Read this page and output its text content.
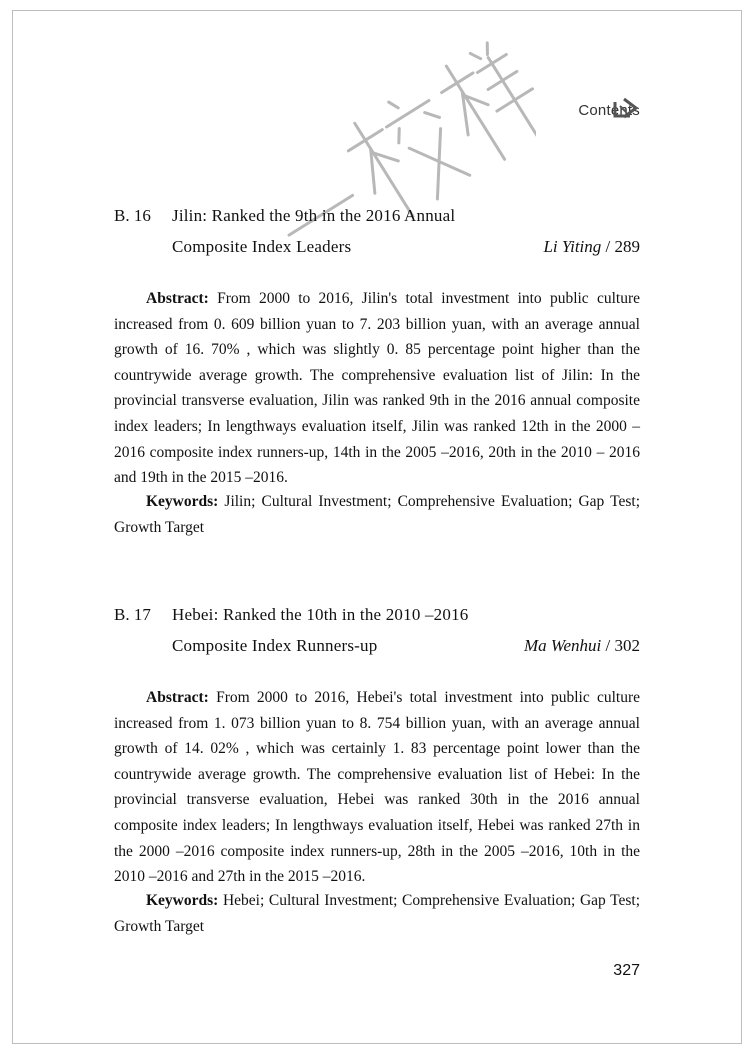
Contents
B. 16 Jilin: Ranked the 9th in the 2016 Annual
Composite Index Leaders	Li Yiting / 289
Abstract: From 2000 to 2016, Jilin's total investment into public culture increased from 0. 609 billion yuan to 7. 203 billion yuan, with an average annual growth of 16. 70% , which was slightly 0. 85 percentage point higher than the countrywide average growth. The comprehensive evaluation list of Jilin: In the provincial transverse evaluation, Jilin was ranked 9th in the 2016 annual composite index leaders; In lengthways evaluation itself, Jilin was ranked 12th in the 2000 – 2016 composite index runners-up, 14th in the 2005 –2016, 20th in the 2010 – 2016 and 19th in the 2015 –2016.
Keywords: Jilin; Cultural Investment; Comprehensive Evaluation; Gap Test; Growth Target
B. 17 Hebei: Ranked the 10th in the 2010 –2016
Composite Index Runners-up	Ma Wenhui / 302
Abstract: From 2000 to 2016, Hebei's total investment into public culture increased from 1. 073 billion yuan to 8. 754 billion yuan, with an average annual growth of 14. 02% , which was certainly 1. 83 percentage point lower than the countrywide average growth. The comprehensive evaluation list of Hebei: In the provincial transverse evaluation, Hebei was ranked 30th in the 2016 annual composite index leaders; In lengthways evaluation itself, Hebei was ranked 27th in the 2000 –2016 composite index runners-up, 28th in the 2005 –2016, 10th in the 2010 –2016 and 27th in the 2015 –2016.
Keywords: Hebei; Cultural Investment; Comprehensive Evaluation; Gap Test; Growth Target
327
